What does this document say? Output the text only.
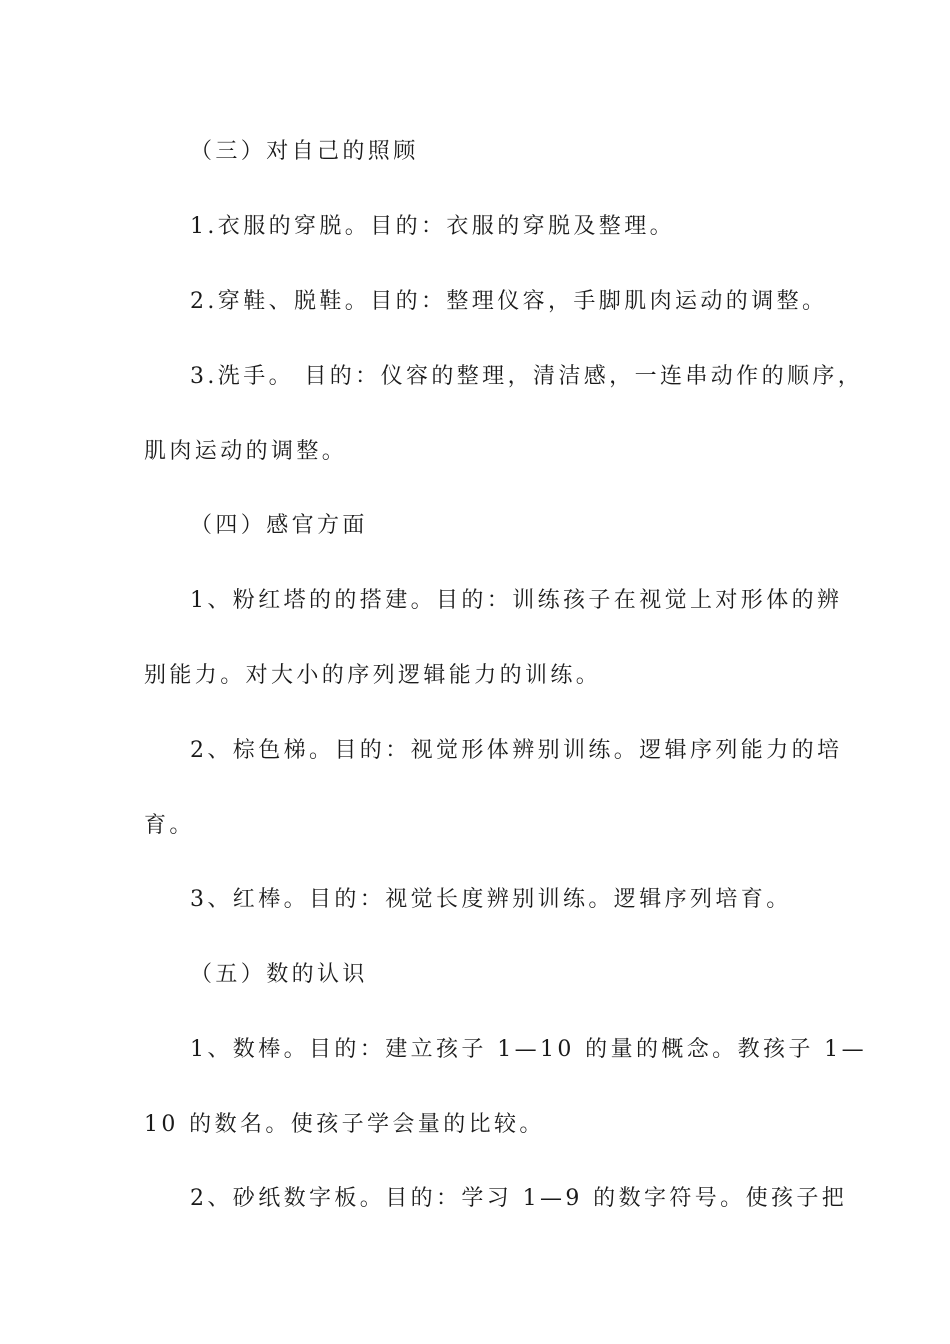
（三）对自己的照顾
1.衣服的穿脱。目的：衣服的穿脱及整理。
2.穿鞋、脱鞋。目的：整理仪容，手脚肌肉运动的调整。
3.洗手。 目的：仪容的整理，清洁感，一连串动作的顺序，
肌肉运动的调整。
（四）感官方面
1、粉红塔的的搭建。目的：训练孩子在视觉上对形体的辨
别能力。对大小的序列逻辑能力的训练。
2、棕色梯。目的：视觉形体辨别训练。逻辑序列能力的培
育。
3、红棒。目的：视觉长度辨别训练。逻辑序列培育。
（五）数的认识
1、数棒。目的：建立孩子 1—10 的量的概念。教孩子 1—
10 的数名。使孩子学会量的比较。
2、砂纸数字板。目的：学习 1—9 的数字符号。使孩子把
